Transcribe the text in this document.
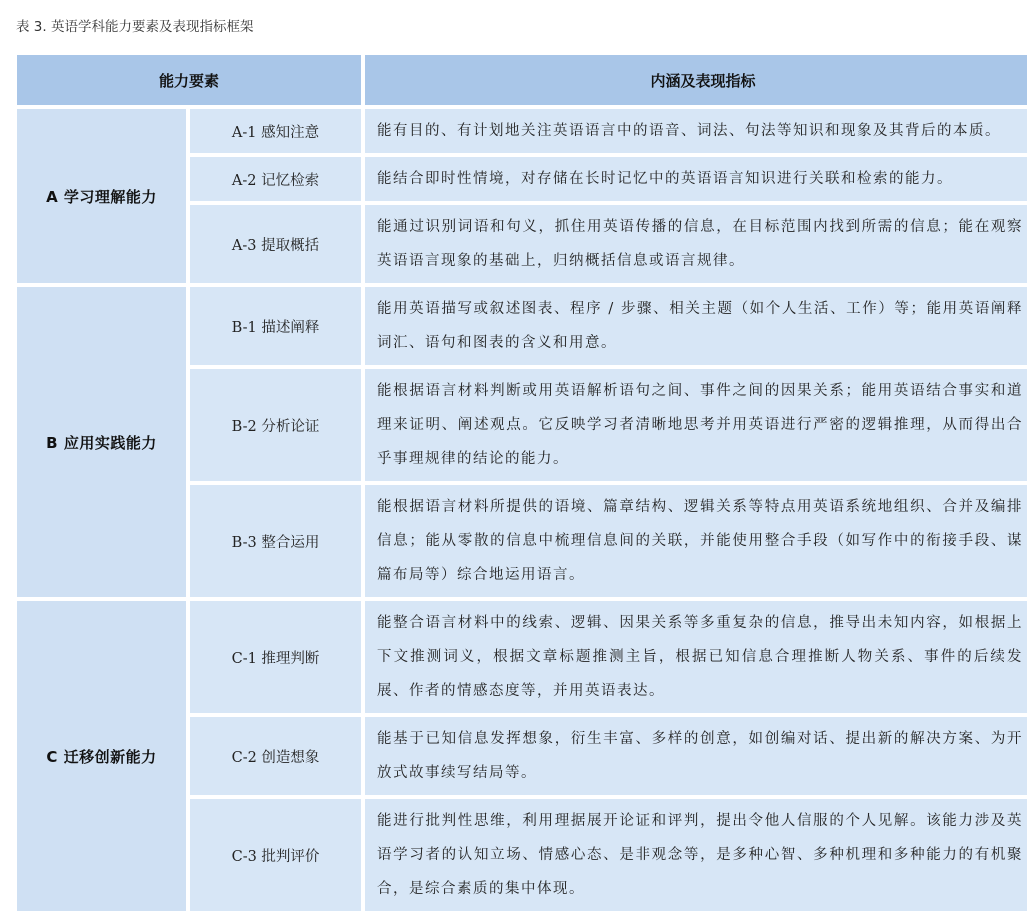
表 3. 英语学科能力要素及表现指标框架
能力要素		内涵及表现指标
A 学习理解能力	A-1 感知注意	能有目的、有计划地关注英语语言中的语音、词法、句法等知识和现象及其背后的本质。
	A-2 记忆检索	能结合即时性情境，对存储在长时记忆中的英语语言知识进行关联和检索的能力。
	A-3 提取概括	能通过识别词语和句义，抓住用英语传播的信息，在目标范围内找到所需的信息；能在观察英语语言现象的基础上，归纳概括信息或语言规律。
B 应用实践能力	B-1 描述阐释	能用英语描写或叙述图表、程序 / 步骤、相关主题（如个人生活、工作）等；能用英语阐释词汇、语句和图表的含义和用意。
	B-2 分析论证	能根据语言材料判断或用英语解析语句之间、事件之间的因果关系；能用英语结合事实和道理来证明、阐述观点。它反映学习者清晰地思考并用英语进行严密的逻辑推理，从而得出合乎事理规律的结论的能力。
	B-3 整合运用	能根据语言材料所提供的语境、篇章结构、逻辑关系等特点用英语系统地组织、合并及编排信息；能从零散的信息中梳理信息间的关联，并能使用整合手段（如写作中的衔接手段、谋篇布局等）综合地运用语言。
C 迁移创新能力	C-1 推理判断	能整合语言材料中的线索、逻辑、因果关系等多重复杂的信息，推导出未知内容，如根据上下文推测词义，根据文章标题推测主旨，根据已知信息合理推断人物关系、事件的后续发展、作者的情感态度等，并用英语表达。
	C-2 创造想象	能基于已知信息发挥想象，衍生丰富、多样的创意，如创编对话、提出新的解决方案、为开放式故事续写结局等。
	C-3 批判评价	能进行批判性思维，利用理据展开论证和评判，提出令他人信服的个人见解。该能力涉及英语学习者的认知立场、情感心态、是非观念等，是多种心智、多种机理和多种能力的有机聚合，是综合素质的集中体现。
